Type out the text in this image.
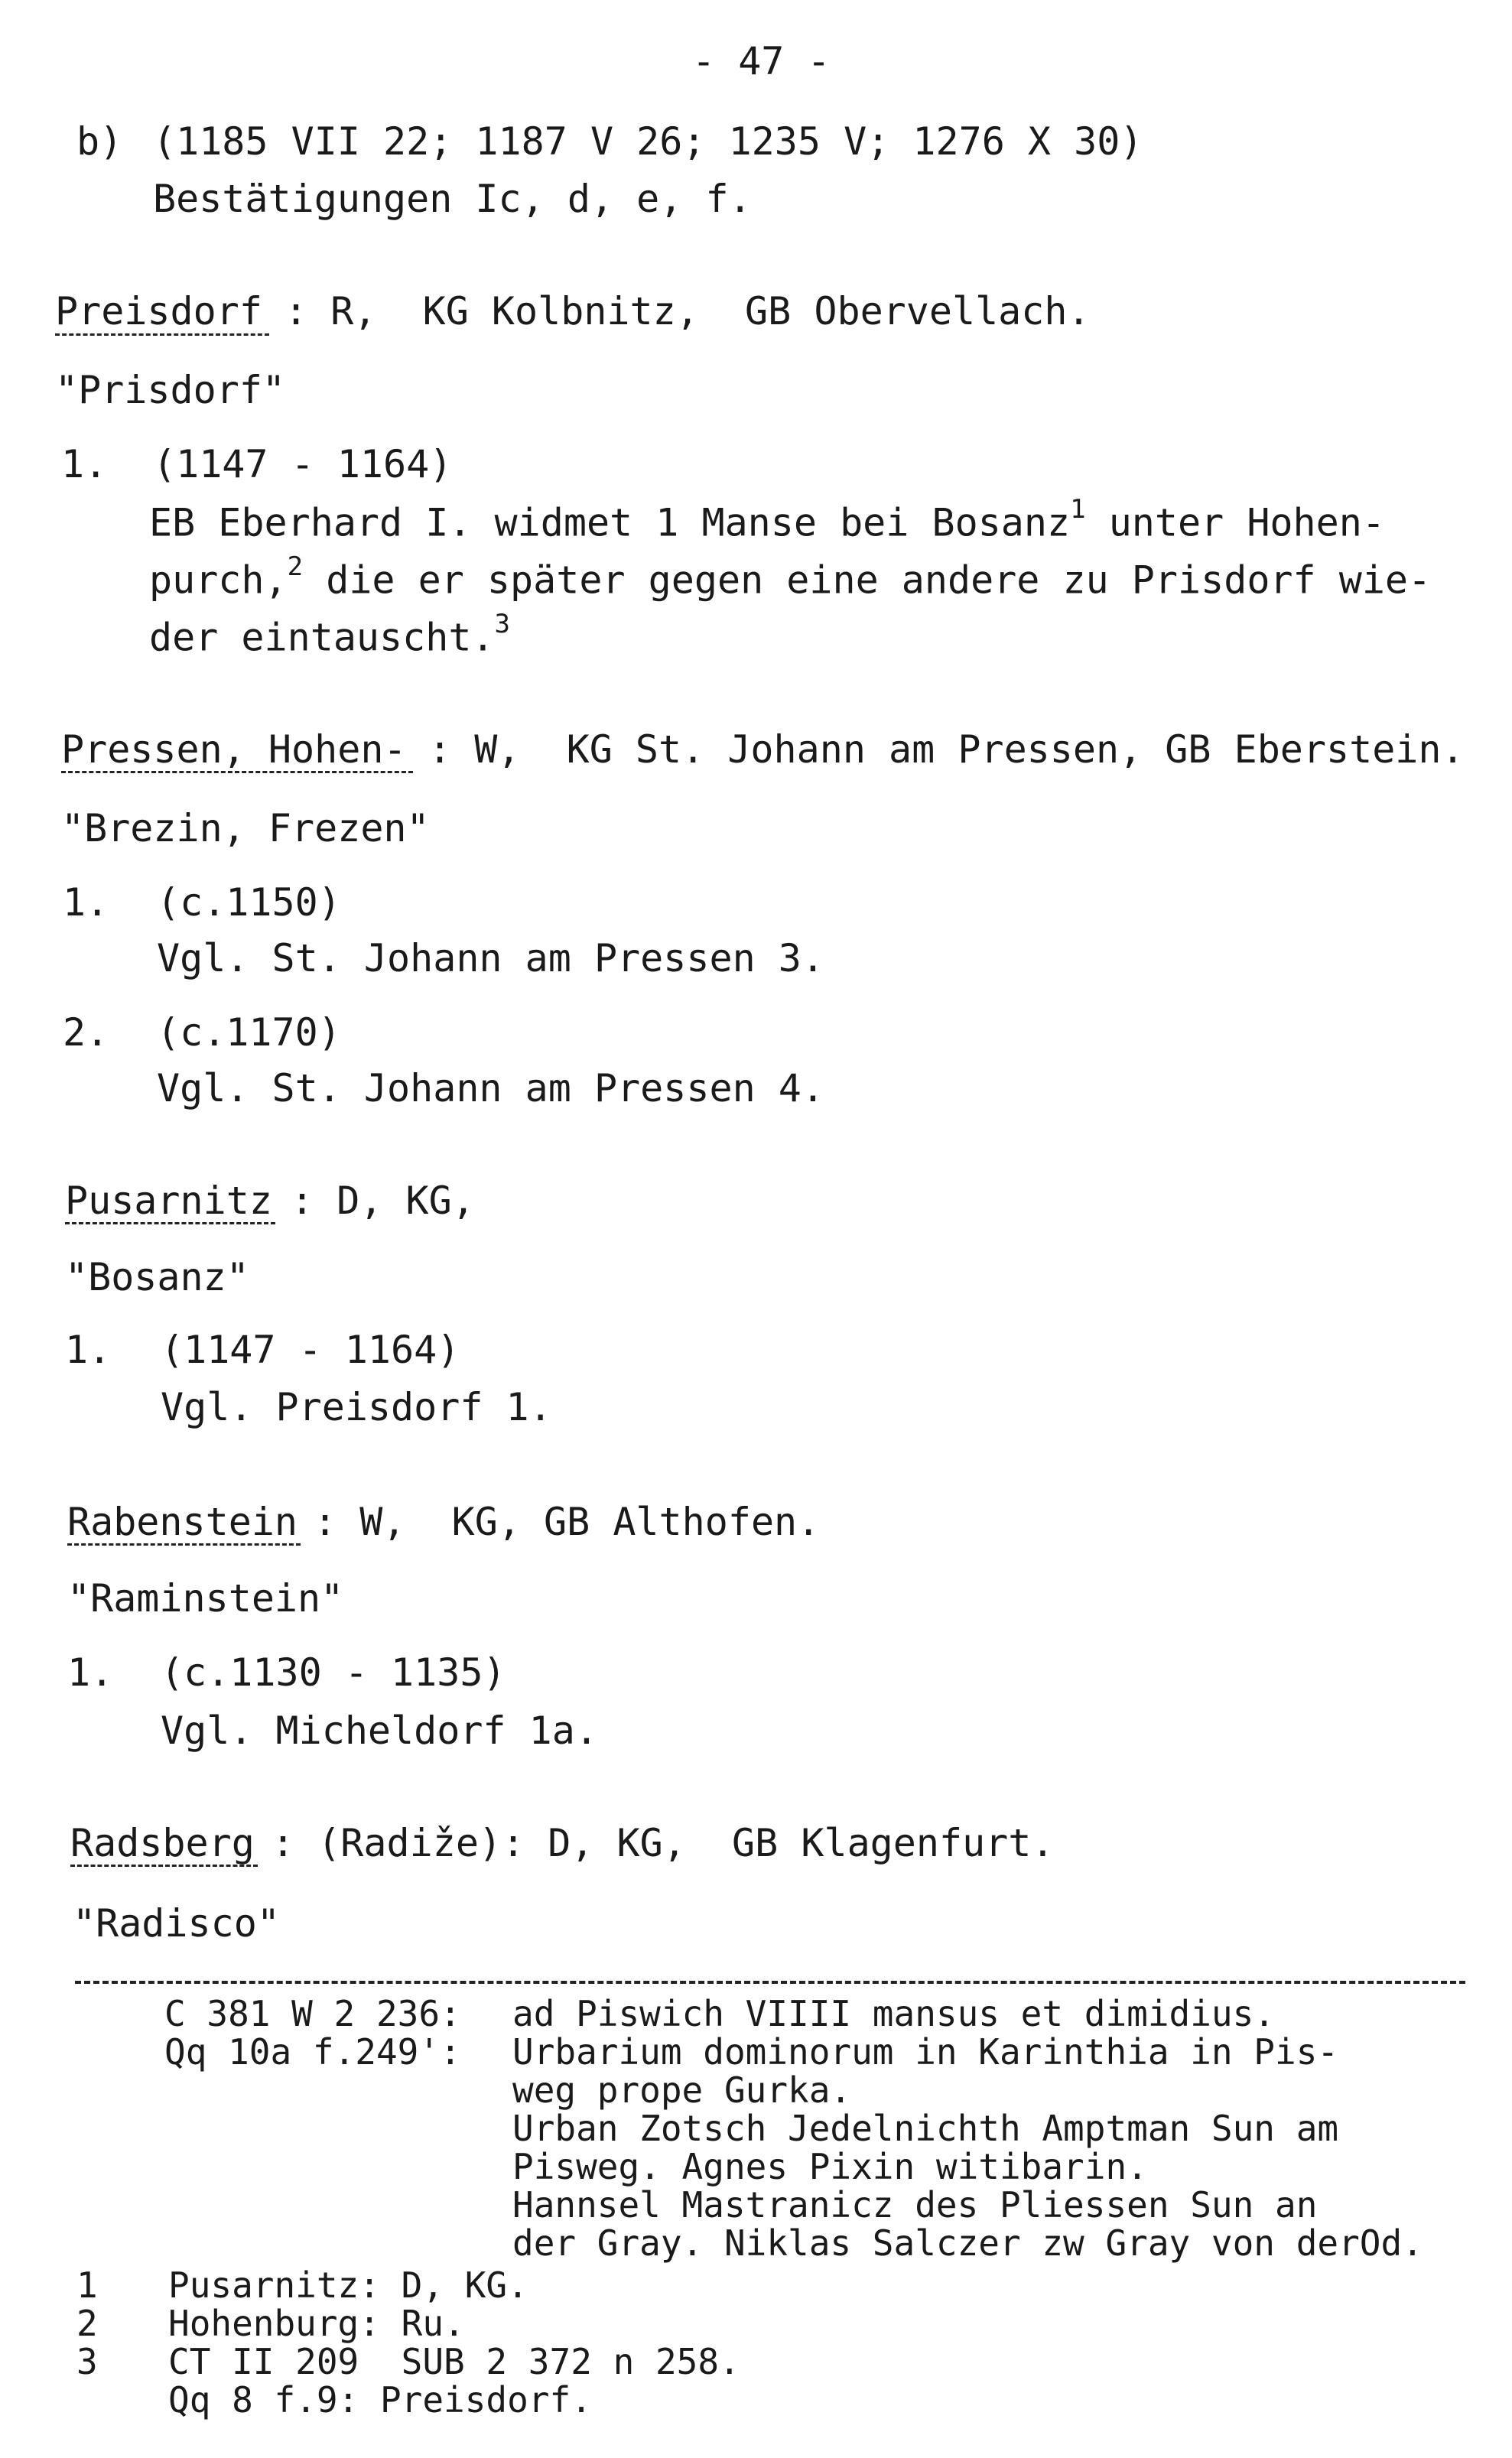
- 47 -
b) (1185 VII 22; 1187 V 26; 1235 V; 1276 X 30)
Bestätigungen Ic, d, e, f.
Preisdorf : R,  KG Kolbnitz,  GB Obervellach.
"Prisdorf"
1. (1147 - 1164)
EB Eberhard I. widmet 1 Manse bei Bosanz$^1$ unter Hohen-
purch,$^2$ die er später gegen eine andere zu Prisdorf wie-
der eintauscht.$^3$
Pressen, Hohen- : W,  KG St. Johann am Pressen, GB Eberstein.
"Brezin, Frezen"
1. (c.1150)
Vgl. St. Johann am Pressen 3.
2. (c.1170)
Vgl. St. Johann am Pressen 4.
Pusarnitz : D, KG,
"Bosanz"
1. (1147 - 1164)
Vgl. Preisdorf 1.
Rabenstein : W,  KG, GB Althofen.
"Raminstein"
1. (c.1130 - 1135)
Vgl. Micheldorf 1a.
Radsberg : (Radiže): D, KG,  GB Klagenfurt.
"Radisco"
C 381 W 2 236: ad Piswich VIIII mansus et dimidius.
Qq 10a f.249': Urbarium dominorum in Karinthia in Pis-
weg prope Gurka.
Urban Zotsch Jedelnichth Amptman Sun am
Pisweg. Agnes Pixin witibarin.
Hannsel Mastranicz des Pliessen Sun an
der Gray. Niklas Salczer zw Gray von derOd.
1 Pusarnitz: D, KG.
2 Hohenburg: Ru.
3 CT II 209  SUB 2 372 n 258.
Qq 8 f.9: Preisdorf.
